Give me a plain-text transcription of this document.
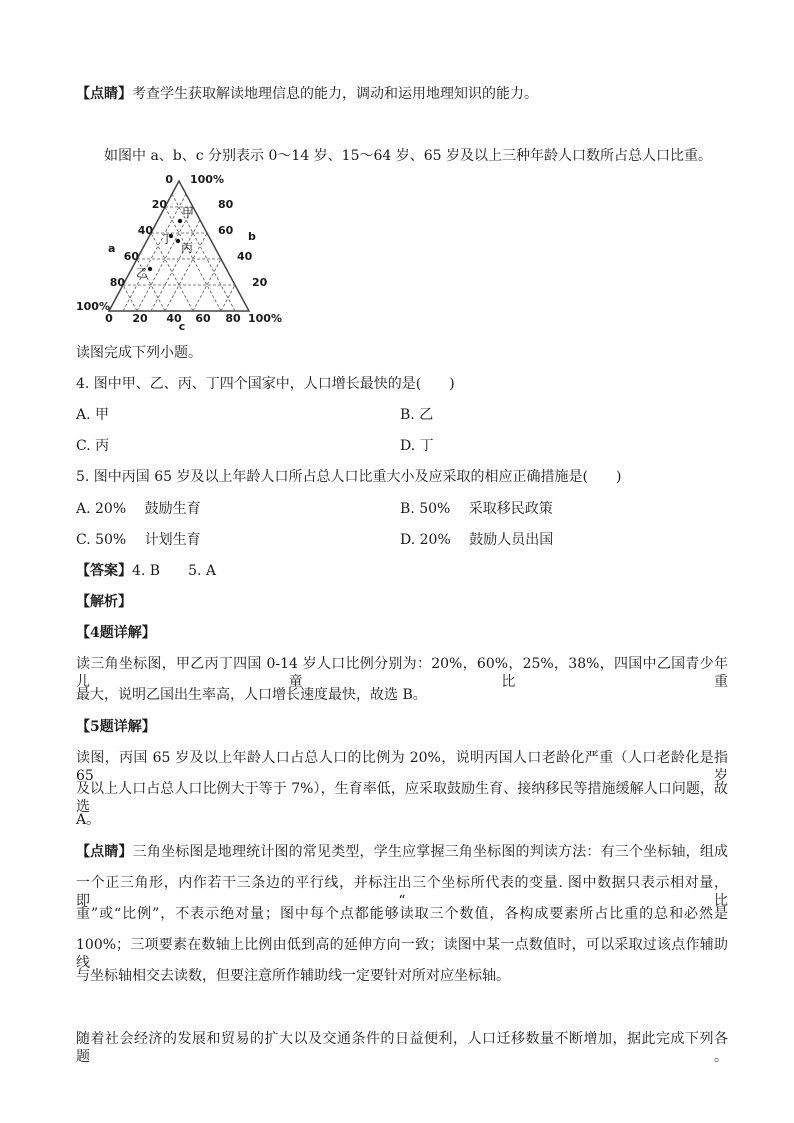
【点睛】考查学生获取解读地理信息的能力，调动和运用地理知识的能力。
如图中 a、b、c 分别表示 0～14 岁、15～64 岁、65 岁及以上三种年龄人口数所占总人口比重。
0 100%
20
40
60
80
80
60
40
20
100%
0 20 40 60 80 100%
a
b
c
甲
丁
丙
乙
读图完成下列小题。
4. 图中甲、乙、丙、丁四个国家中，人口增长最快的是(　　)
A. 甲	B. 乙
C. 丙	D. 丁
5. 图中丙国 65 岁及以上年龄人口所占总人口比重大小及应采取的相应正确措施是(　　)
A. 20%　 鼓励生育	B. 50%　 采取移民政策
C. 50%　 计划生育	D. 20%　 鼓励人员出国
【答案】4. B　　5. A
【解析】
【4题详解】
读三角坐标图，甲乙丙丁四国 0-14 岁人口比例分别为：20%，60%，25%，38%，四国中乙国青少年儿童比重
最大，说明乙国出生率高，人口增长速度最快，故选 B。
【5题详解】
读图，丙国 65 岁及以上年龄人口占总人口的比例为 20%，说明丙国人口老龄化严重（人口老龄化是指 65 岁
及以上人口占总人口比例大于等于 7%），生育率低，应采取鼓励生育、接纳移民等措施缓解人口问题，故选
A。
【点睛】三角坐标图是地理统计图的常见类型，学生应掌握三角坐标图的判读方法：有三个坐标轴，组成
一个正三角形，内作若干三条边的平行线，并标注出三个坐标所代表的变量. 图中数据只表示相对量，即“比
重”或“比例”，不表示绝对量；图中每个点都能够读取三个数值，各构成要素所占比重的总和必然是
100%；三项要素在数轴上比例由低到高的延伸方向一致；读图中某一点数值时，可以采取过该点作辅助线
与坐标轴相交去读数，但要注意所作辅助线一定要针对所对应坐标轴。
随着社会经济的发展和贸易的扩大以及交通条件的日益便利，人口迁移数量不断增加，据此完成下列各题。
